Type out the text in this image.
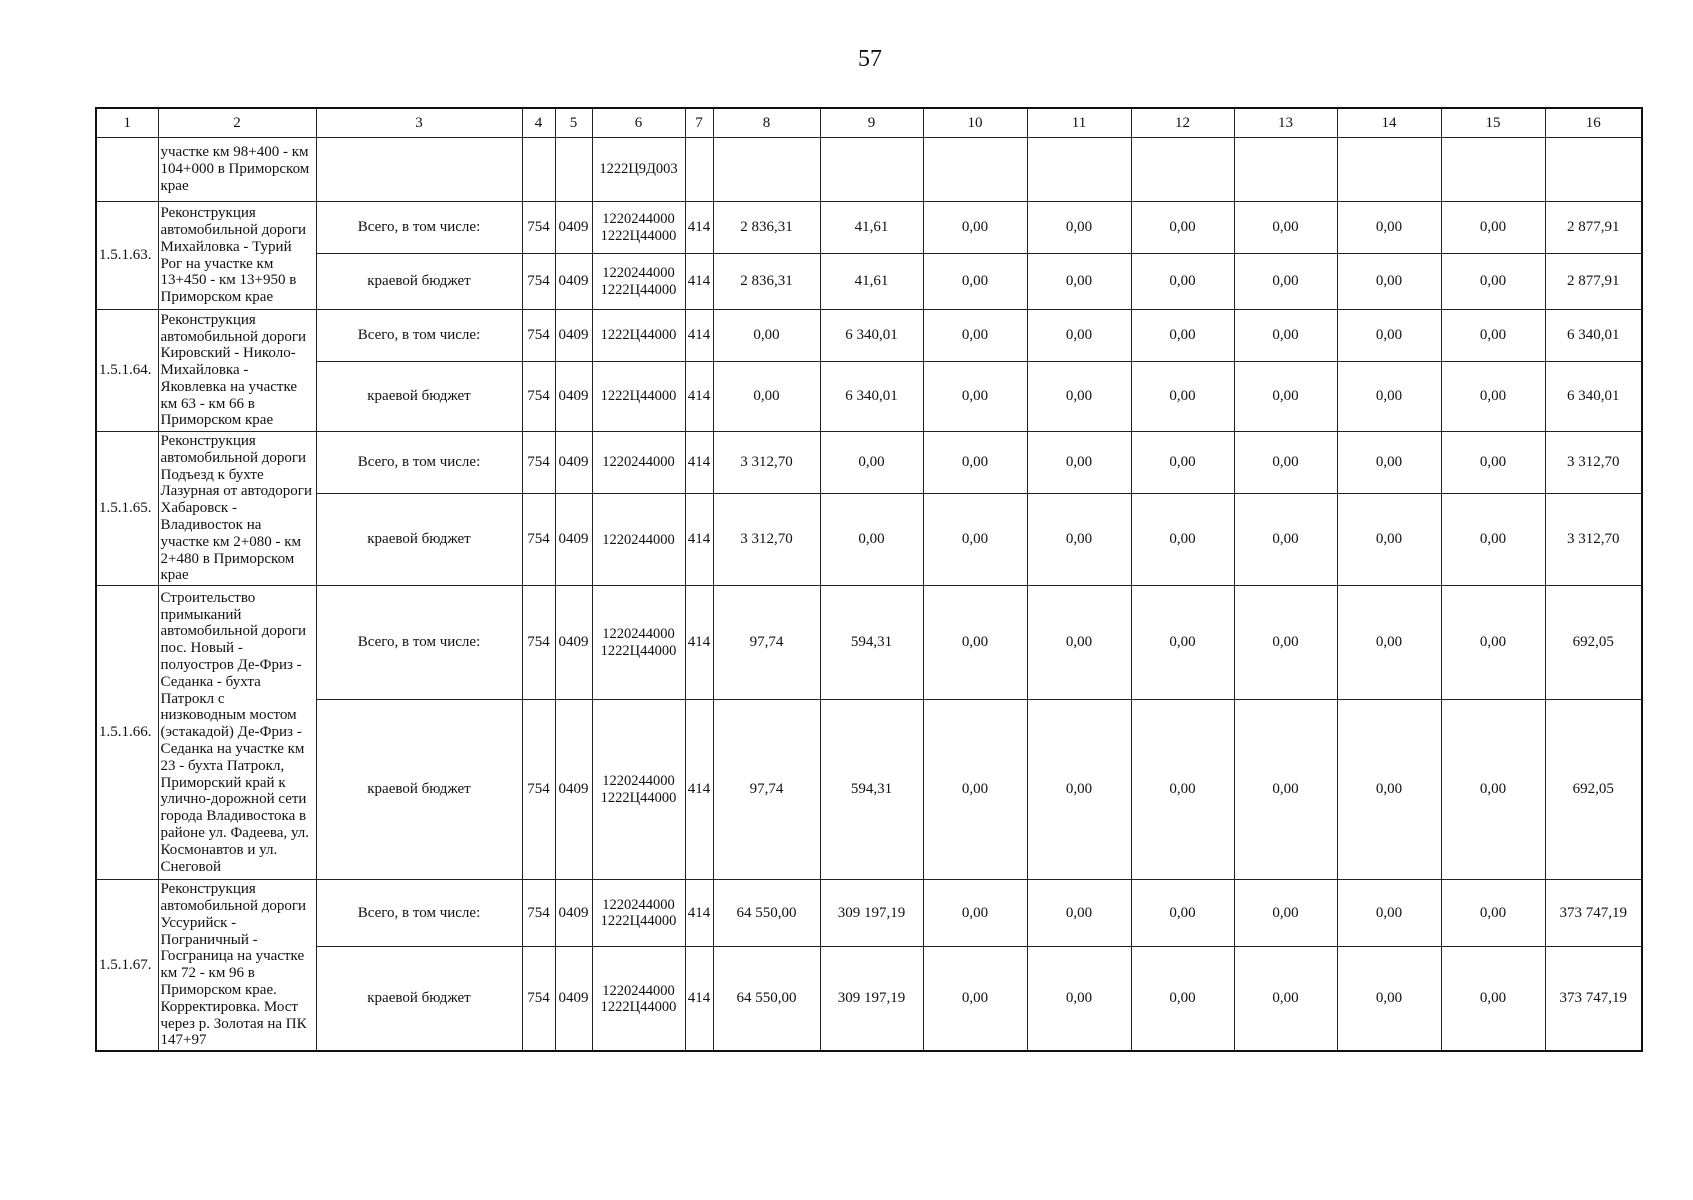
57
1	2	3	4	5	6	7	8	9	10	11	12	13	14	15	16
	участке км 98+400 - км 104+000 в Приморском крае				1222Ц9Д003										
1.5.1.63.	Реконструкция автомобильной дороги Михайловка - Турий Рог на участке км 13+450 - км 13+950 в Приморском крае	Всего, в том числе:	754	0409	1220244000
1222Ц44000	414	2 836,31	41,61	0,00	0,00	0,00	0,00	0,00	0,00	2 877,91
		краевой бюджет	754	0409	1220244000
1222Ц44000	414	2 836,31	41,61	0,00	0,00	0,00	0,00	0,00	0,00	2 877,91
1.5.1.64.	Реконструкция автомобильной дороги Кировский - Николо-Михайловка - Яковлевка на участке км 63 - км 66 в Приморском крае	Всего, в том числе:	754	0409	1222Ц44000	414	0,00	6 340,01	0,00	0,00	0,00	0,00	0,00	0,00	6 340,01
		краевой бюджет	754	0409	1222Ц44000	414	0,00	6 340,01	0,00	0,00	0,00	0,00	0,00	0,00	6 340,01
1.5.1.65.	Реконструкция автомобильной дороги Подъезд к бухте Лазурная от автодороги Хабаровск - Владивосток на участке км 2+080 - км 2+480 в Приморском крае	Всего, в том числе:	754	0409	1220244000	414	3 312,70	0,00	0,00	0,00	0,00	0,00	0,00	0,00	3 312,70
		краевой бюджет	754	0409	1220244000	414	3 312,70	0,00	0,00	0,00	0,00	0,00	0,00	0,00	3 312,70
1.5.1.66.	Строительство примыканий автомобильной дороги пос. Новый - полуостров Де-Фриз - Седанка - бухта Патрокл с низководным мостом (эстакадой) Де-Фриз - Седанка на участке км 23 - бухта Патрокл, Приморский край к улично-дорожной сети города Владивостока в районе ул. Фадеева, ул. Космонавтов и ул. Снеговой	Всего, в том числе:	754	0409	1220244000
1222Ц44000	414	97,74	594,31	0,00	0,00	0,00	0,00	0,00	0,00	692,05
		краевой бюджет	754	0409	1220244000
1222Ц44000	414	97,74	594,31	0,00	0,00	0,00	0,00	0,00	0,00	692,05
1.5.1.67.	Реконструкция автомобильной дороги Уссурийск - Пограничный - Госграница на участке км 72 - км 96 в Приморском крае. Корректировка. Мост через р. Золотая на ПК 147+97	Всего, в том числе:	754	0409	1220244000
1222Ц44000	414	64 550,00	309 197,19	0,00	0,00	0,00	0,00	0,00	0,00	373 747,19
		краевой бюджет	754	0409	1220244000
1222Ц44000	414	64 550,00	309 197,19	0,00	0,00	0,00	0,00	0,00	0,00	373 747,19
